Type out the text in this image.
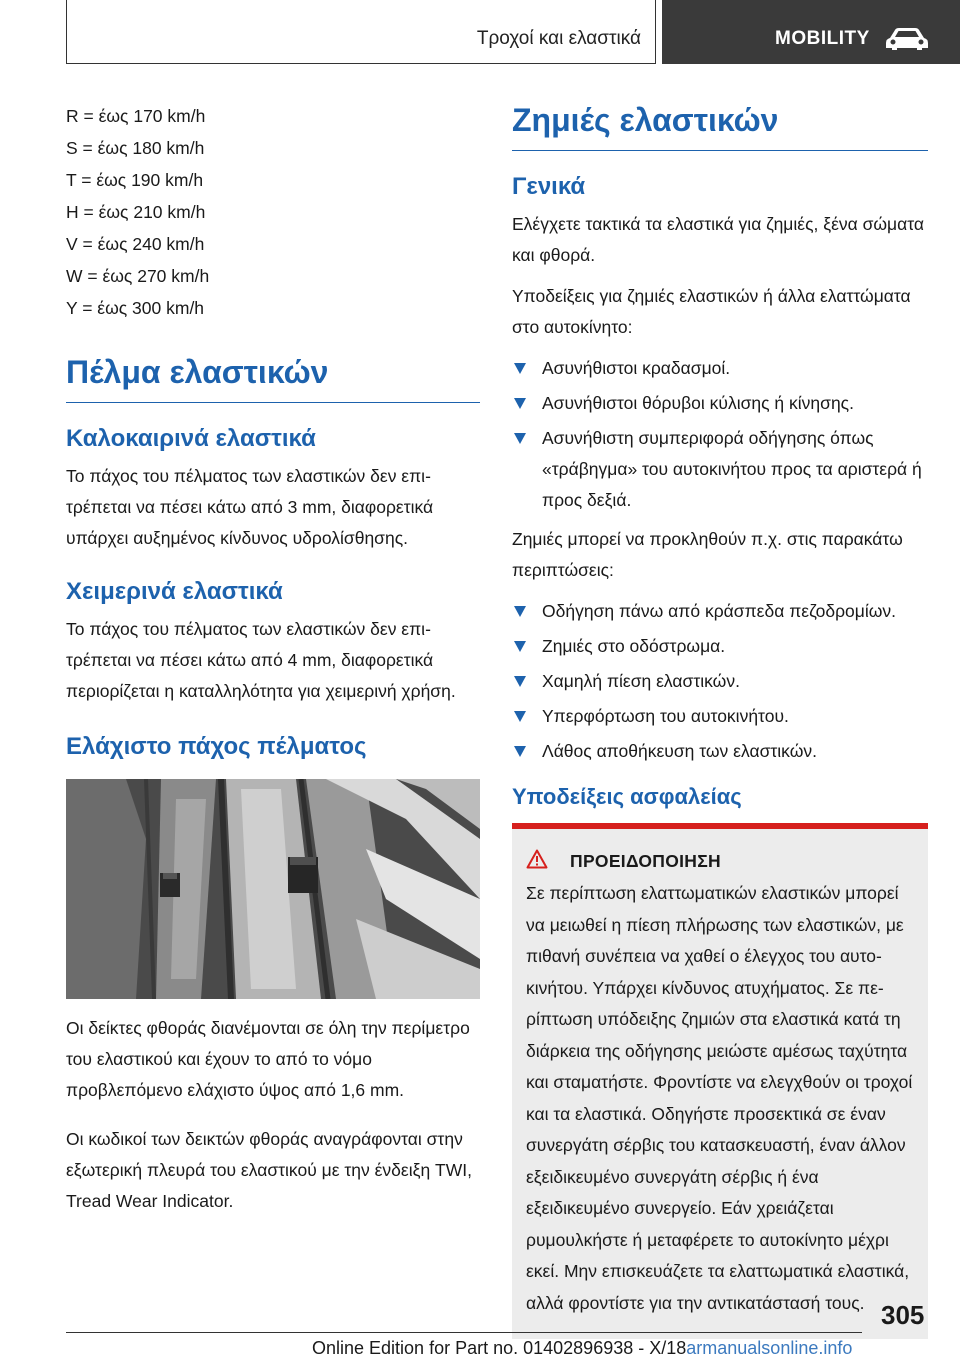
Τροχοί και ελαστικά	MOBILITY

R = έως 170 km/h

S = έως 180 km/h

T = έως 190 km/h

H = έως 210 km/h

V = έως 240 km/h

W = έως 270 km/h

Y = έως 300 km/h

Πέλμα ελαστικών
Καλοκαιρινά ελαστικά

Το πάχος του πέλματος των ελαστικών δεν επιτρέπεται να πέσει κάτω από 3 mm, διαφορετικά υπάρχει αυξημένος κίνδυνος υδρολίσθησης.

Χειμερινά ελαστικά

Το πάχος του πέλματος των ελαστικών δεν επιτρέπεται να πέσει κάτω από 4 mm, διαφορετικά περιορίζεται η καταλληλότητα για χειμερινή χρήση.

Ελάχιστο πάχος πέλματος

Οι δείκτες φθοράς διανέμονται σε όλη την περίμετρο του ελαστικού και έχουν το από το νόμο προβλεπόμενο ελάχιστο ύψος από 1,6 mm.

Οι κωδικοί των δεικτών φθοράς αναγράφονται στην εξωτερική πλευρά του ελαστικού με την ένδειξη TWI, Tread Wear Indicator.

Ζημιές ελαστικών
Γενικά

Ελέγχετε τακτικά τα ελαστικά για ζημιές, ξένα σώματα και φθορά.

Υποδείξεις για ζημιές ελαστικών ή άλλα ελαττώματα στο αυτοκίνητο:

Ασυνήθιστοι κραδασμοί.
Ασυνήθιστοι θόρυβοι κύλισης ή κίνησης.
Ασυνήθιστη συμπεριφορά οδήγησης όπως «τράβηγμα» του αυτοκινήτου προς τα αριστερά ή προς δεξιά.

Ζημιές μπορεί να προκληθούν π.χ. στις παρακάτω περιπτώσεις:

Οδήγηση πάνω από κράσπεδα πεζοδρομίων.
Ζημιές στο οδόστρωμα.
Χαμηλή πίεση ελαστικών.
Υπερφόρτωση του αυτοκινήτου.
Λάθος αποθήκευση των ελαστικών.
Υποδείξεις ασφαλείας
ΠΡΟΕΙΔΟΠΟΙΗΣΗ

Σε περίπτωση ελαττωματικών ελαστικών μπορεί να μειωθεί η πίεση πλήρωσης των ελαστικών, με πιθανή συνέπεια να χαθεί ο έλεγχος του αυτοκινήτου. Υπάρχει κίνδυνος ατυχήματος. Σε περίπτωση υπόδειξης ζημιών στα ελαστικά κατά τη διάρκεια της οδήγησης μειώστε αμέσως ταχύτητα και σταματήστε. Φροντίστε να ελεγχθούν οι τροχοί και τα ελαστικά. Οδηγήστε προσεκτικά σε έναν συνεργάτη σέρβις του κατασκευαστή, έναν άλλον εξειδικευμένο συνεργάτη σέρβις ή ένα εξειδικευμένο συνεργείο. Εάν χρειάζεται ρυμουλκήστε ή μεταφέρετε το αυτοκίνητο μέχρι εκεί. Μην επισκευάζετε τα ελαττωματικά ελαστικά, αλλά φροντίστε για την αντικατάστασή τους. 305
Online Edition for Part no. 01402896938 - X/18armanualsonline.info
